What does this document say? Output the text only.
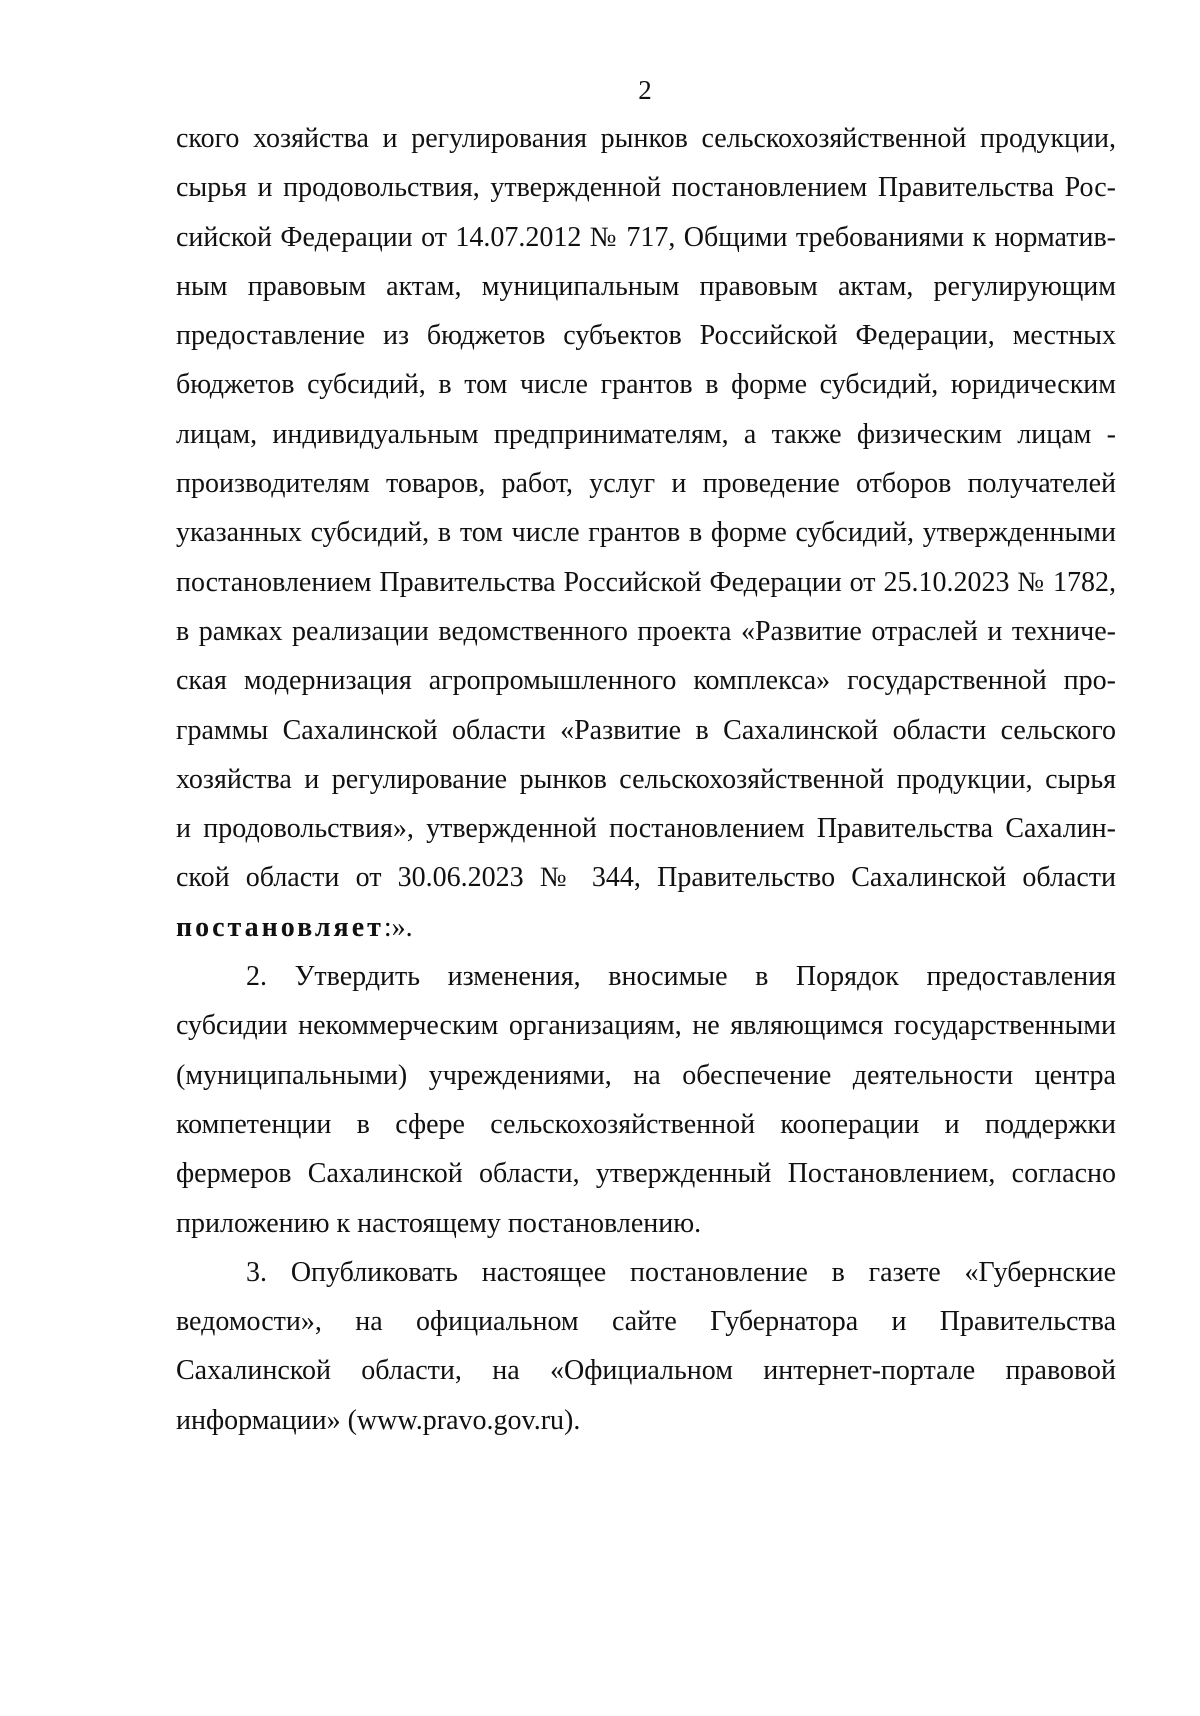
2
ского хозяйства и регулирования рынков сельскохозяйственной продукции,
сырья и продовольствия, утвержденной постановлением Правительства Рос-
сийской Федерации от 14.07.2012 № 717, Общими требованиями к норматив-
ным правовым актам, муниципальным правовым актам, регулирующим
предоставление из бюджетов субъектов Российской Федерации, местных
бюджетов субсидий, в том числе грантов в форме субсидий, юридическим
лицам, индивидуальным предпринимателям, а также физическим лицам -
производителям товаров, работ, услуг и проведение отборов получателей
указанных субсидий, в том числе грантов в форме субсидий, утвержденными
постановлением Правительства Российской Федерации от 25.10.2023 № 1782,
в рамках реализации ведомственного проекта «Развитие отраслей и техниче-
ская модернизация агропромышленного комплекса» государственной про-
граммы Сахалинской области «Развитие в Сахалинской области сельского
хозяйства и регулирование рынков сельскохозяйственной продукции, сырья
и продовольствия», утвержденной постановлением Правительства Сахалин-
ской области от 30.06.2023 № 344, Правительство Сахалинской области
постановляет:».
2. Утвердить изменения, вносимые в Порядок предоставления
субсидии некоммерческим организациям, не являющимся государственными
(муниципальными) учреждениями, на обеспечение деятельности центра
компетенции в сфере сельскохозяйственной кооперации и поддержки
фермеров Сахалинской области, утвержденный Постановлением, согласно
приложению к настоящему постановлению.
3. Опубликовать настоящее постановление в газете «Губернские
ведомости», на официальном сайте Губернатора и Правительства
Сахалинской области, на «Официальном интернет-портале правовой
информации» (www.pravo.gov.ru).
